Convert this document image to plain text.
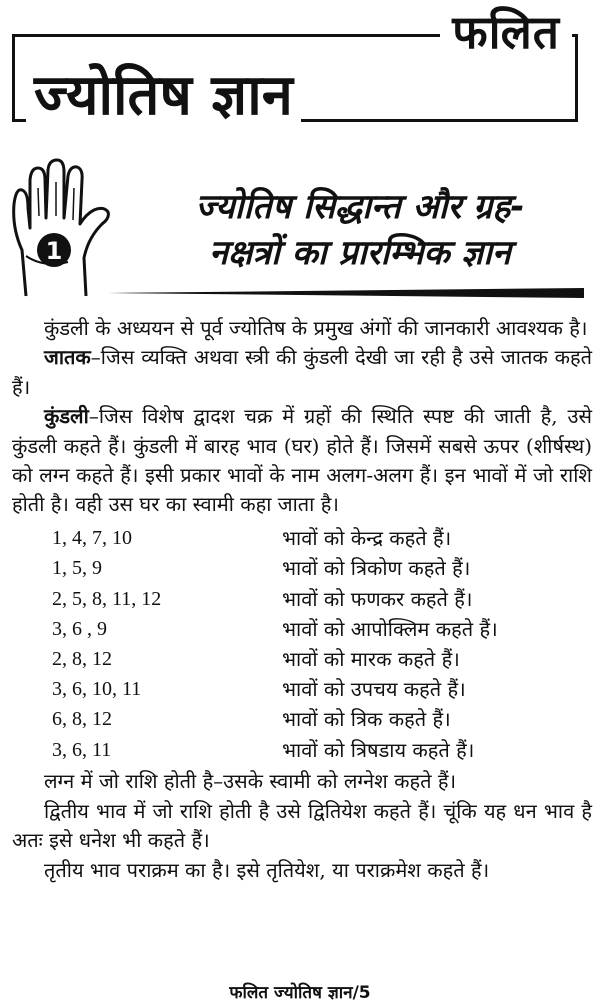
फलित
ज्योतिष ज्ञान
1
ज्योतिष सिद्धान्त और ग्रह-
नक्षत्रों का प्रारम्भिक ज्ञान

कुंडली के अध्ययन से पूर्व ज्योतिष के प्रमुख अंगों की जानकारी आवश्यक है।

जातक–जिस व्यक्ति अथवा स्त्री की कुंडली देखी जा रही है उसे जातक कहते हैं।

कुंडली–जिस विशेष द्वादश चक्र में ग्रहों की स्थिति स्पष्ट की जाती है, उसे कुंडली कहते हैं। कुंडली में बारह भाव (घर) होते हैं। जिसमें सबसे ऊपर (शीर्षस्थ) को लग्न कहते हैं। इसी प्रकार भावों के नाम अलग-अलग हैं। इन भावों में जो राशि होती है। वही उस घर का स्वामी कहा जाता है।

1, 4, 7, 10	भावों को केन्द्र कहते हैं।
1, 5, 9	भावों को त्रिकोण कहते हैं।
2, 5, 8, 11, 12	भावों को फणकर कहते हैं।
3, 6 , 9	भावों को आपोक्लिम कहते हैं।
2, 8, 12	भावों को मारक कहते हैं।
3, 6, 10, 11	भावों को उपचय कहते हैं।
6, 8, 12	भावों को त्रिक कहते हैं।
3, 6, 11	भावों को त्रिषडाय कहते हैं।

लग्न में जो राशि होती है–उसके स्वामी को लग्नेश कहते हैं।

द्वितीय भाव में जो राशि होती है उसे द्वितियेश कहते हैं। चूंकि यह धन भाव है अतः इसे धनेश भी कहते हैं।

तृतीय भाव पराक्रम का है। इसे तृतियेश, या पराक्रमेश कहते हैं।

फलित ज्योतिष ज्ञान/5
